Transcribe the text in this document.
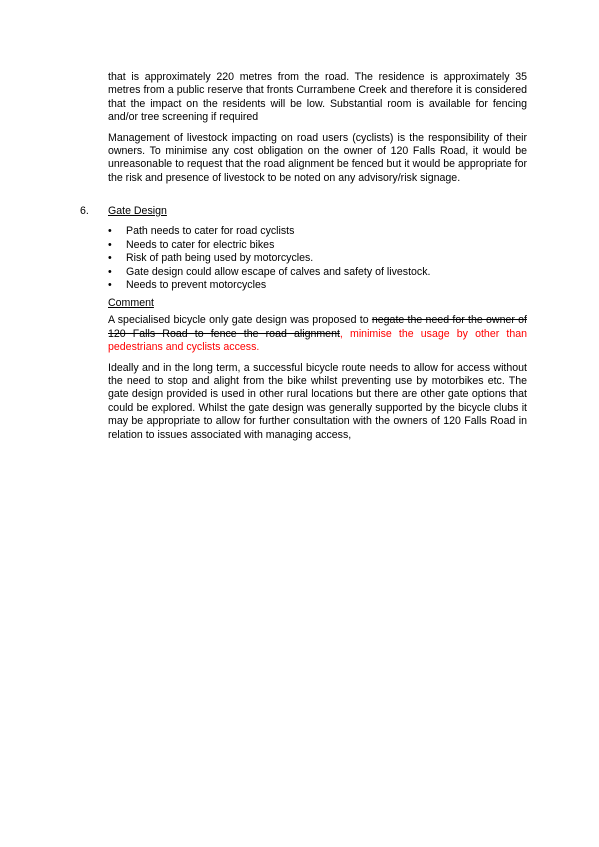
that is approximately 220 metres from the road. The residence is approximately 35 metres from a public reserve that fronts Currambene Creek and therefore it is considered that the impact on the residents will be low. Substantial room is available for fencing and/or tree screening if required

Management of livestock impacting on road users (cyclists) is the responsibility of their owners. To minimise any cost obligation on the owner of 120 Falls Road, it would be unreasonable to request that the road alignment be fenced but it would be appropriate for the risk and presence of livestock to be noted on any advisory/risk signage.

6. Gate Design
• Path needs to cater for road cyclists
• Needs to cater for electric bikes
• Risk of path being used by motorcycles.
• Gate design could allow escape of calves and safety of livestock.
• Needs to prevent motorcycles

Comment

A specialised bicycle only gate design was proposed to negate the need for the owner of 120 Falls Road to fence the road alignment, minimise the usage by other than pedestrians and cyclists access.

Ideally and in the long term, a successful bicycle route needs to allow for access without the need to stop and alight from the bike whilst preventing use by motorbikes etc. The gate design provided is used in other rural locations but there are other gate options that could be explored. Whilst the gate design was generally supported by the bicycle clubs it may be appropriate to allow for further consultation with the owners of 120 Falls Road in relation to issues associated with managing access,
